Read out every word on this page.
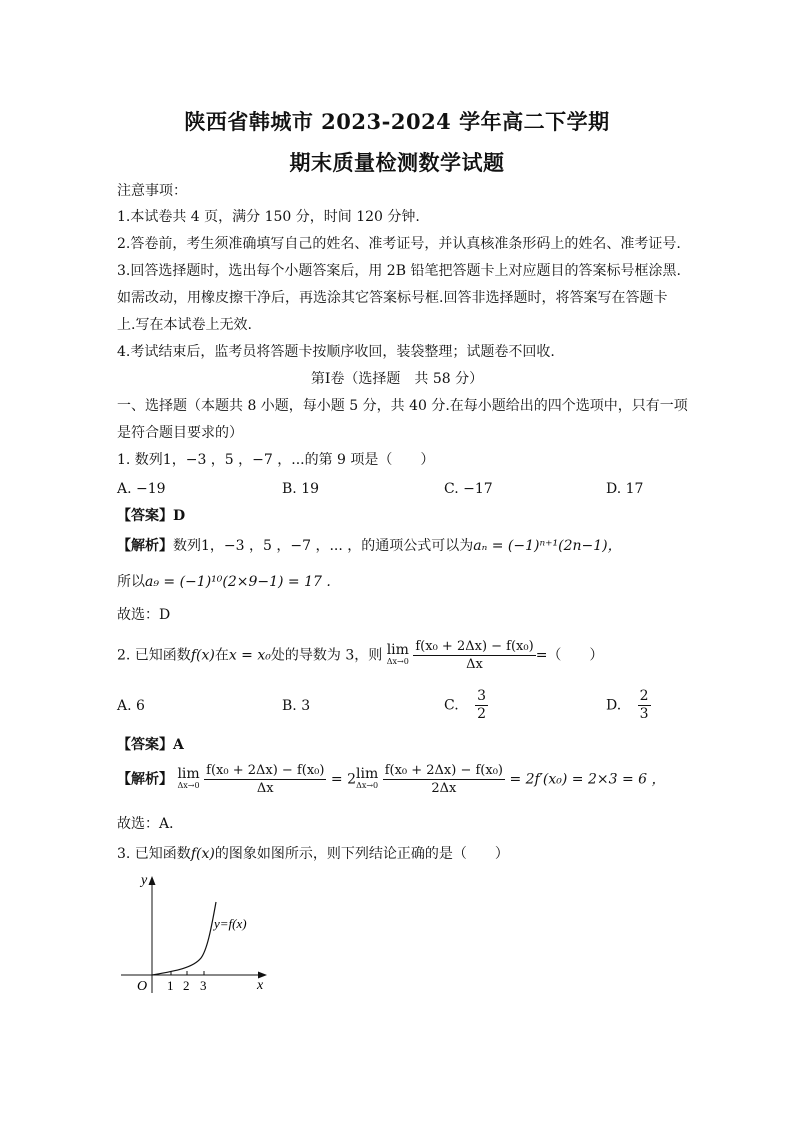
陕西省韩城市 2023-2024 学年高二下学期
期末质量检测数学试题
注意事项：
1.本试卷共 4 页，满分 150 分，时间 120 分钟.
2.答卷前，考生须准确填写自己的姓名、准考证号，并认真核准条形码上的姓名、准考证号.
3.回答选择题时，选出每个小题答案后，用 2B 铅笔把答题卡上对应题目的答案标号框涂黑.
如需改动，用橡皮擦干净后，再选涂其它答案标号框.回答非选择题时，将答案写在答题卡
上.写在本试卷上无效.
4.考试结束后，监考员将答题卡按顺序收回，装袋整理；试题卷不回收.
第Ⅰ卷（选择题　共 58 分）
一、选择题（本题共 8 小题，每小题 5 分，共 40 分.在每小题给出的四个选项中，只有一项
是符合题目要求的）
1. 数列1，−3 ，5 ，−7 ，...的第 9 项是（　　）
A. −19	B. 19	C. −17	D. 17
【答案】D
【解析】数列1，−3 ，5 ，−7 ，... ，的通项公式可以为aₙ = (−1)ⁿ⁺¹(2n−1)，
所以a₉ = (−1)¹⁰(2×9−1) = 17 .
故选：D
2. 已知函数f(x)在x = x₀处的导数为 3，则 lim
Δx→0
$\frac{\text{f(x₀ + 2Δx) − f(x₀)}}{\Delta x}$ =（　　）
A. 6	B. 3	C. $\frac{3}{2}$	D. $\frac{2}{3}$
【答案】A
【解析】 lim
Δx→0
$\frac{\text{f(x₀ + 2Δx) − f(x₀)}}{\Delta x} = 2$ lim
Δx→0
$\frac{\text{f(x₀ + 2Δx) − f(x₀)}}{2\Delta x} = 2f'(x_0) = 2\times 3 = 6$ ，
故选：A．
3. 已知函数f(x)的图象如图所示，则下列结论正确的是（　　）
y
x
O 1 2 3
y=f(x)
